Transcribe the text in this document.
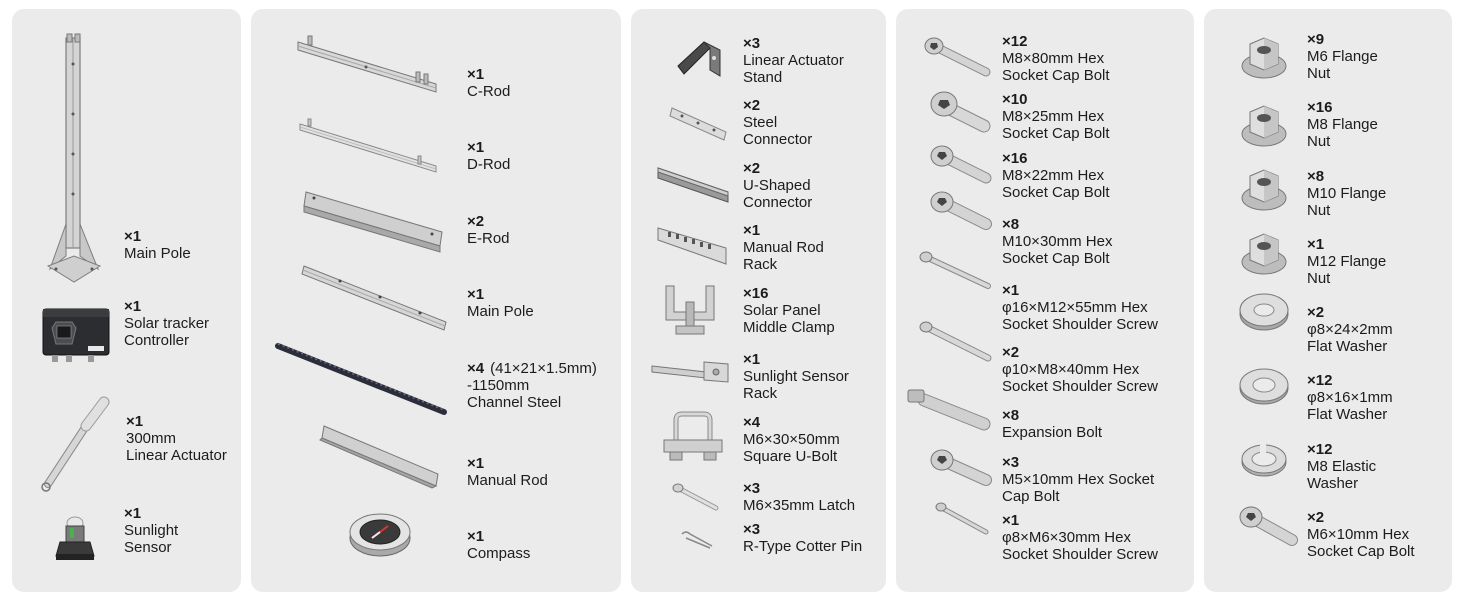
×1
Main Pole
×1
Solar tracker
Controller
×1
300mm
Linear Actuator
×1
Sunlight
Sensor
×1
C-Rod
×1
D-Rod
×2
E-Rod
×1
Main Pole
×4 (41×21×1.5mm)
-1150mm
Channel Steel
×1
Manual Rod
×1
Compass
×3
Linear Actuator
Stand
×2
Steel
Connector
×2
U-Shaped
Connector
×1
Manual Rod
Rack
×16
Solar Panel
Middle Clamp
×1
Sunlight Sensor
Rack
×4
M6×30×50mm
Square U-Bolt
×3
M6×35mm Latch
×3
R-Type Cotter Pin
×12
M8×80mm Hex
Socket Cap Bolt
×10
M8×25mm Hex
Socket Cap Bolt
×16
M8×22mm Hex
Socket Cap Bolt
×8
M10×30mm Hex
Socket Cap Bolt
×1
φ16×M12×55mm Hex
Socket Shoulder Screw
×2
φ10×M8×40mm Hex
Socket Shoulder Screw
×8
Expansion Bolt
×3
M5×10mm Hex Socket
Cap Bolt
×1
φ8×M6×30mm Hex
Socket Shoulder Screw
×9
M6 Flange
Nut
×16
M8 Flange
Nut
×8
M10 Flange
Nut
×1
M12 Flange
Nut
×2
φ8×24×2mm
Flat Washer
×12
φ8×16×1mm
Flat Washer
×12
M8 Elastic
Washer
×2
M6×10mm Hex
Socket Cap Bolt
